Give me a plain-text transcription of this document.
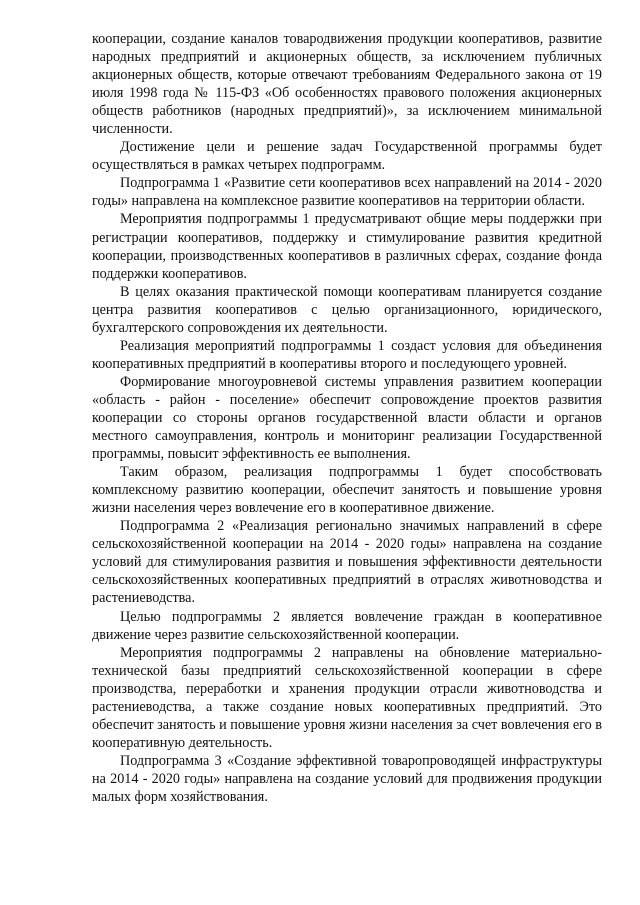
кооперации, создание каналов товародвижения продукции кооперативов, развитие народных предприятий и акционерных обществ, за исключением публичных акционерных обществ, которые отвечают требованиям Федерального закона от 19 июля 1998 года № 115-ФЗ «Об особенностях правового положения акционерных обществ работников (народных предприятий)», за исключением минимальной численности.

Достижение цели и решение задач Государственной программы будет осуществляться в рамках четырех подпрограмм.

Подпрограмма 1 «Развитие сети кооперативов всех направлений на 2014 - 2020 годы» направлена на комплексное развитие кооперативов на территории области.

Мероприятия подпрограммы 1 предусматривают общие меры поддержки при регистрации кооперативов, поддержку и стимулирование развития кредитной кооперации, производственных кооперативов в различных сферах, создание фонда поддержки кооперативов.

В целях оказания практической помощи кооперативам планируется создание центра развития кооперативов с целью организационного, юридического, бухгалтерского сопровождения их деятельности.

Реализация мероприятий подпрограммы 1 создаст условия для объединения кооперативных предприятий в кооперативы второго и последующего уровней.

Формирование многоуровневой системы управления развитием кооперации «область - район - поселение» обеспечит сопровождение проектов развития кооперации со стороны органов государственной власти области и органов местного самоуправления, контроль и мониторинг реализации Государственной программы, повысит эффективность ее выполнения.

Таким образом, реализация подпрограммы 1 будет способствовать комплексному развитию кооперации, обеспечит занятость и повышение уровня жизни населения через вовлечение его в кооперативное движение.

Подпрограмма 2 «Реализация регионально значимых направлений в сфере сельскохозяйственной кооперации на 2014 - 2020 годы» направлена на создание условий для стимулирования развития и повышения эффективности деятельности сельскохозяйственных кооперативных предприятий в отраслях животноводства и растениеводства.

Целью подпрограммы 2 является вовлечение граждан в кооперативное движение через развитие сельскохозяйственной кооперации.

Мероприятия подпрограммы 2 направлены на обновление материально-технической базы предприятий сельскохозяйственной кооперации в сфере производства, переработки и хранения продукции отрасли животноводства и растениеводства, а также создание новых кооперативных предприятий. Это обеспечит занятость и повышение уровня жизни населения за счет вовлечения его в кооперативную деятельность.

Подпрограмма 3 «Создание эффективной товаропроводящей инфраструктуры на 2014 - 2020 годы» направлена на создание условий для продвижения продукции малых форм хозяйствования.
